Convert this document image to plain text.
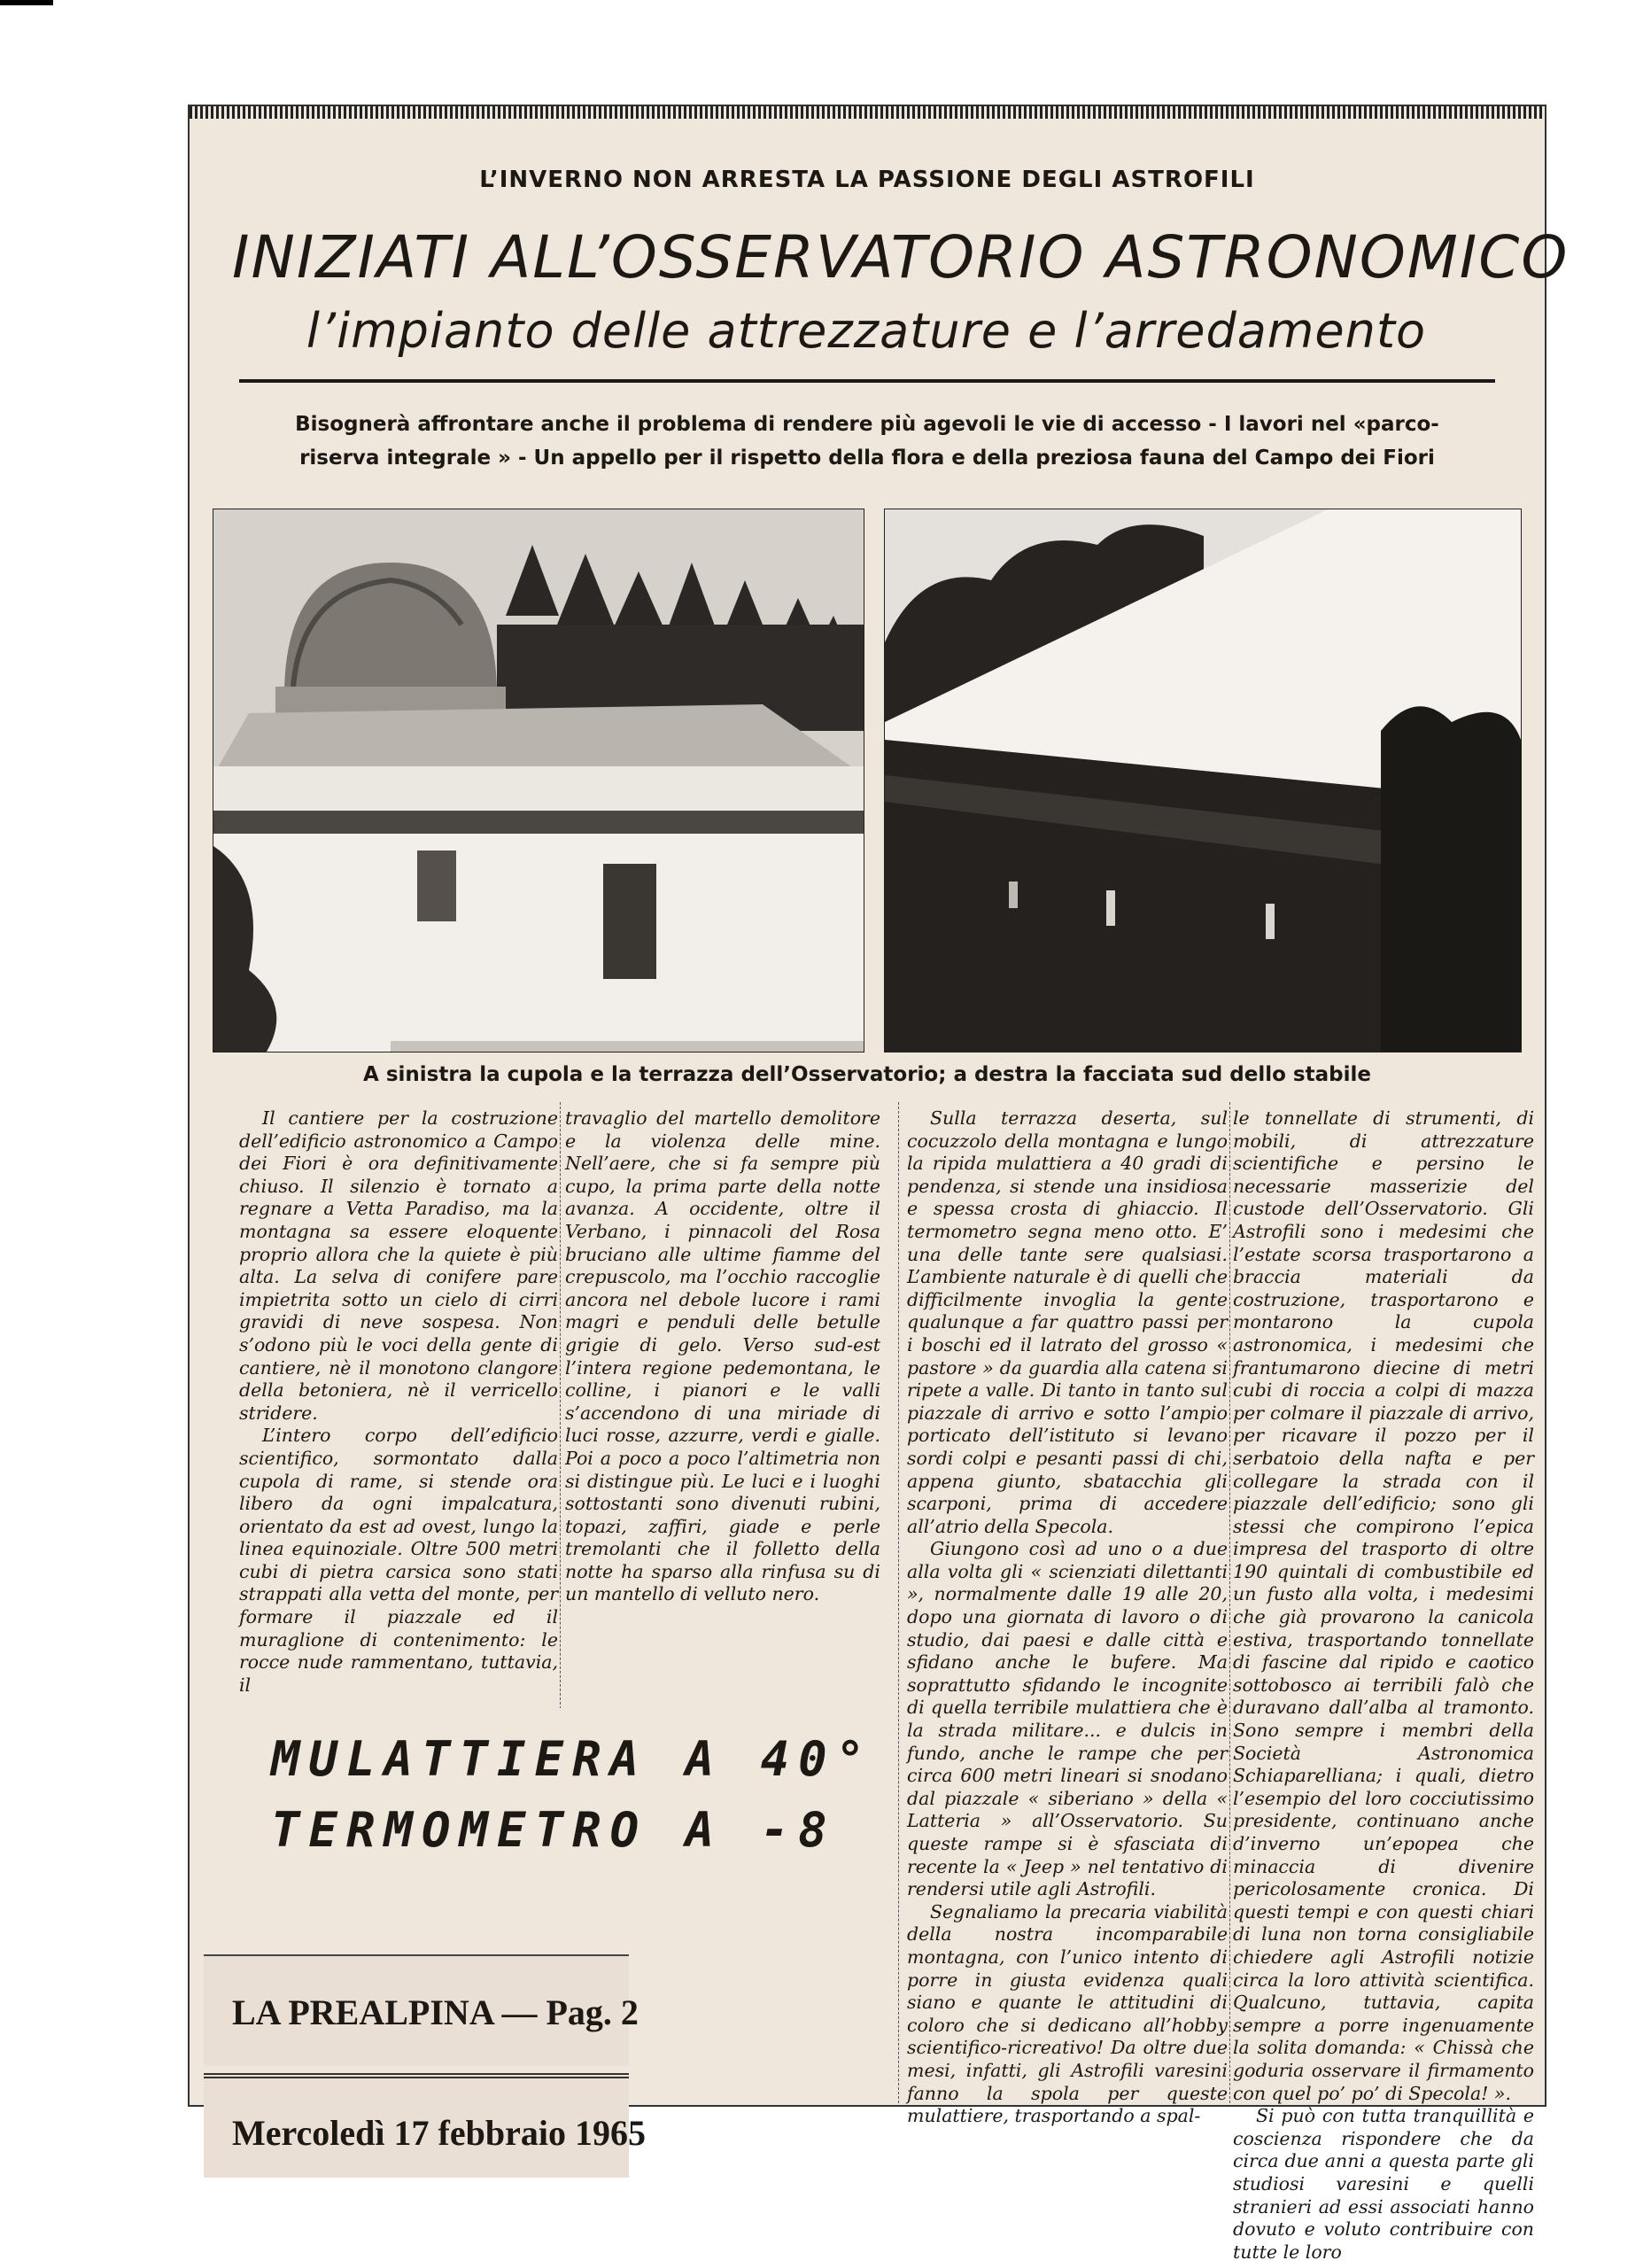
L’INVERNO NON ARRESTA LA PASSIONE DEGLI ASTROFILI
INIZIATI ALL’OSSERVATORIO ASTRONOMICO
l’impianto delle attrezzature e l’arredamento
Bisognerà affrontare anche il problema di rendere più agevoli le vie di accesso - I lavori nel «parco-
riserva integrale » - Un appello per il rispetto della flora e della preziosa fauna del Campo dei Fiori
A sinistra la cupola e la terrazza dell’Osservatorio; a destra la facciata sud dello stabile

Il cantiere per la costruzione dell’edificio astronomico a Campo dei Fiori è ora definitivamente chiuso. Il silenzio è tornato a regnare a Vetta Paradiso, ma la montagna sa essere eloquente proprio allora che la quiete è più alta. La selva di conifere pare impietrita sotto un cielo di cirri gravidi di neve sospesa. Non s’odono più le voci della gente di cantiere, nè il monotono clangore della betoniera, nè il verricello stridere.

L’intero corpo dell’edificio scientifico, sormontato dalla cupola di rame, si stende ora libero da ogni impalcatura, orientato da est ad ovest, lungo la linea equinoziale. Oltre 500 metri cubi di pietra carsica sono stati strappati alla vetta del monte, per formare il piazzale ed il muraglione di contenimento: le rocce nude rammentano, tuttavia, il

travaglio del martello demolitore e la violenza delle mine. Nell’aere, che si fa sempre più cupo, la prima parte della notte avanza. A occidente, oltre il Verbano, i pinnacoli del Rosa bruciano alle ultime fiamme del crepuscolo, ma l’occhio raccoglie ancora nel debole lucore i rami magri e penduli delle betulle grigie di gelo. Verso sud-est l’intera regione pedemontana, le colline, i pianori e le valli s’accendono di una miriade di luci rosse, azzurre, verdi e gialle. Poi a poco a poco l’altimetria non si distingue più. Le luci e i luoghi sottostanti sono divenuti rubini, topazi, zaffiri, giade e perle tremolanti che il folletto della notte ha sparso alla rinfusa su di un mantello di velluto nero.

Sulla terrazza deserta, sul cocuzzolo della montagna e lungo la ripida mulattiera a 40 gradi di pendenza, si stende una insidiosa e spessa crosta di ghiaccio. Il termometro segna meno otto. E’ una delle tante sere qualsiasi. L’ambiente naturale è di quelli che difficilmente invoglia la gente qualunque a far quattro passi per i boschi ed il latrato del grosso « pastore » da guardia alla catena si ripete a valle. Di tanto in tanto sul piazzale di arrivo e sotto l’ampio porticato dell’istituto si levano sordi colpi e pesanti passi di chi, appena giunto, sbatacchia gli scarponi, prima di accedere all’atrio della Specola.

Giungono così ad uno o a due alla volta gli « scienziati dilettanti », normalmente dalle 19 alle 20, dopo una giornata di lavoro o di studio, dai paesi e dalle città e sfidano anche le bufere. Ma soprattutto sfidando le incognite di quella terribile mulattiera che è la strada militare... e dulcis in fundo, anche le rampe che per circa 600 metri lineari si snodano dal piazzale « siberiano » della « Latteria » all’Osservatorio. Su queste rampe si è sfasciata di recente la « Jeep » nel tentativo di rendersi utile agli Astrofili.

Segnaliamo la precaria viabilità della nostra incomparabile montagna, con l’unico intento di porre in giusta evidenza quali siano e quante le attitudini di coloro che si dedicano all’hobby scientifico-ricreativo! Da oltre due mesi, infatti, gli Astrofili varesini fanno la spola per queste mulattiere, trasportando a spal-

le tonnellate di strumenti, di mobili, di attrezzature scientifiche e persino le necessarie masserizie del custode dell’Osservatorio. Gli Astrofili sono i medesimi che l’estate scorsa trasportarono a braccia materiali da costruzione, trasportarono e montarono la cupola astronomica, i medesimi che frantumarono diecine di metri cubi di roccia a colpi di mazza per colmare il piazzale di arrivo, per ricavare il pozzo per il serbatoio della nafta e per collegare la strada con il piazzale dell’edificio; sono gli stessi che compirono l’epica impresa del trasporto di oltre 190 quintali di combustibile ed un fusto alla volta, i medesimi che già provarono la canicola estiva, trasportando tonnellate di fascine dal ripido e caotico sottobosco ai terribili falò che duravano dall’alba al tramonto. Sono sempre i membri della Società Astronomica Schiaparelliana; i quali, dietro l’esempio del loro cocciutissimo presidente, continuano anche d’inverno un’epopea che minaccia di divenire pericolosamente cronica. Di questi tempi e con questi chiari di luna non torna consigliabile chiedere agli Astrofili notizie circa la loro attività scientifica. Qualcuno, tuttavia, capita sempre a porre ingenuamente la solita domanda: « Chissà che goduria osservare il firmamento con quel po’ po’ di Specola! ».

Si può con tutta tranquillità e coscienza rispondere che da circa due anni a questa parte gli studiosi varesini e quelli stranieri ad essi associati hanno dovuto e voluto contribuire con tutte le loro

MULATTIERA A 40°
TERMOMETRO A -8
LA PREALPINA — Pag. 2
Mercoledì 17 febbraio 1965
